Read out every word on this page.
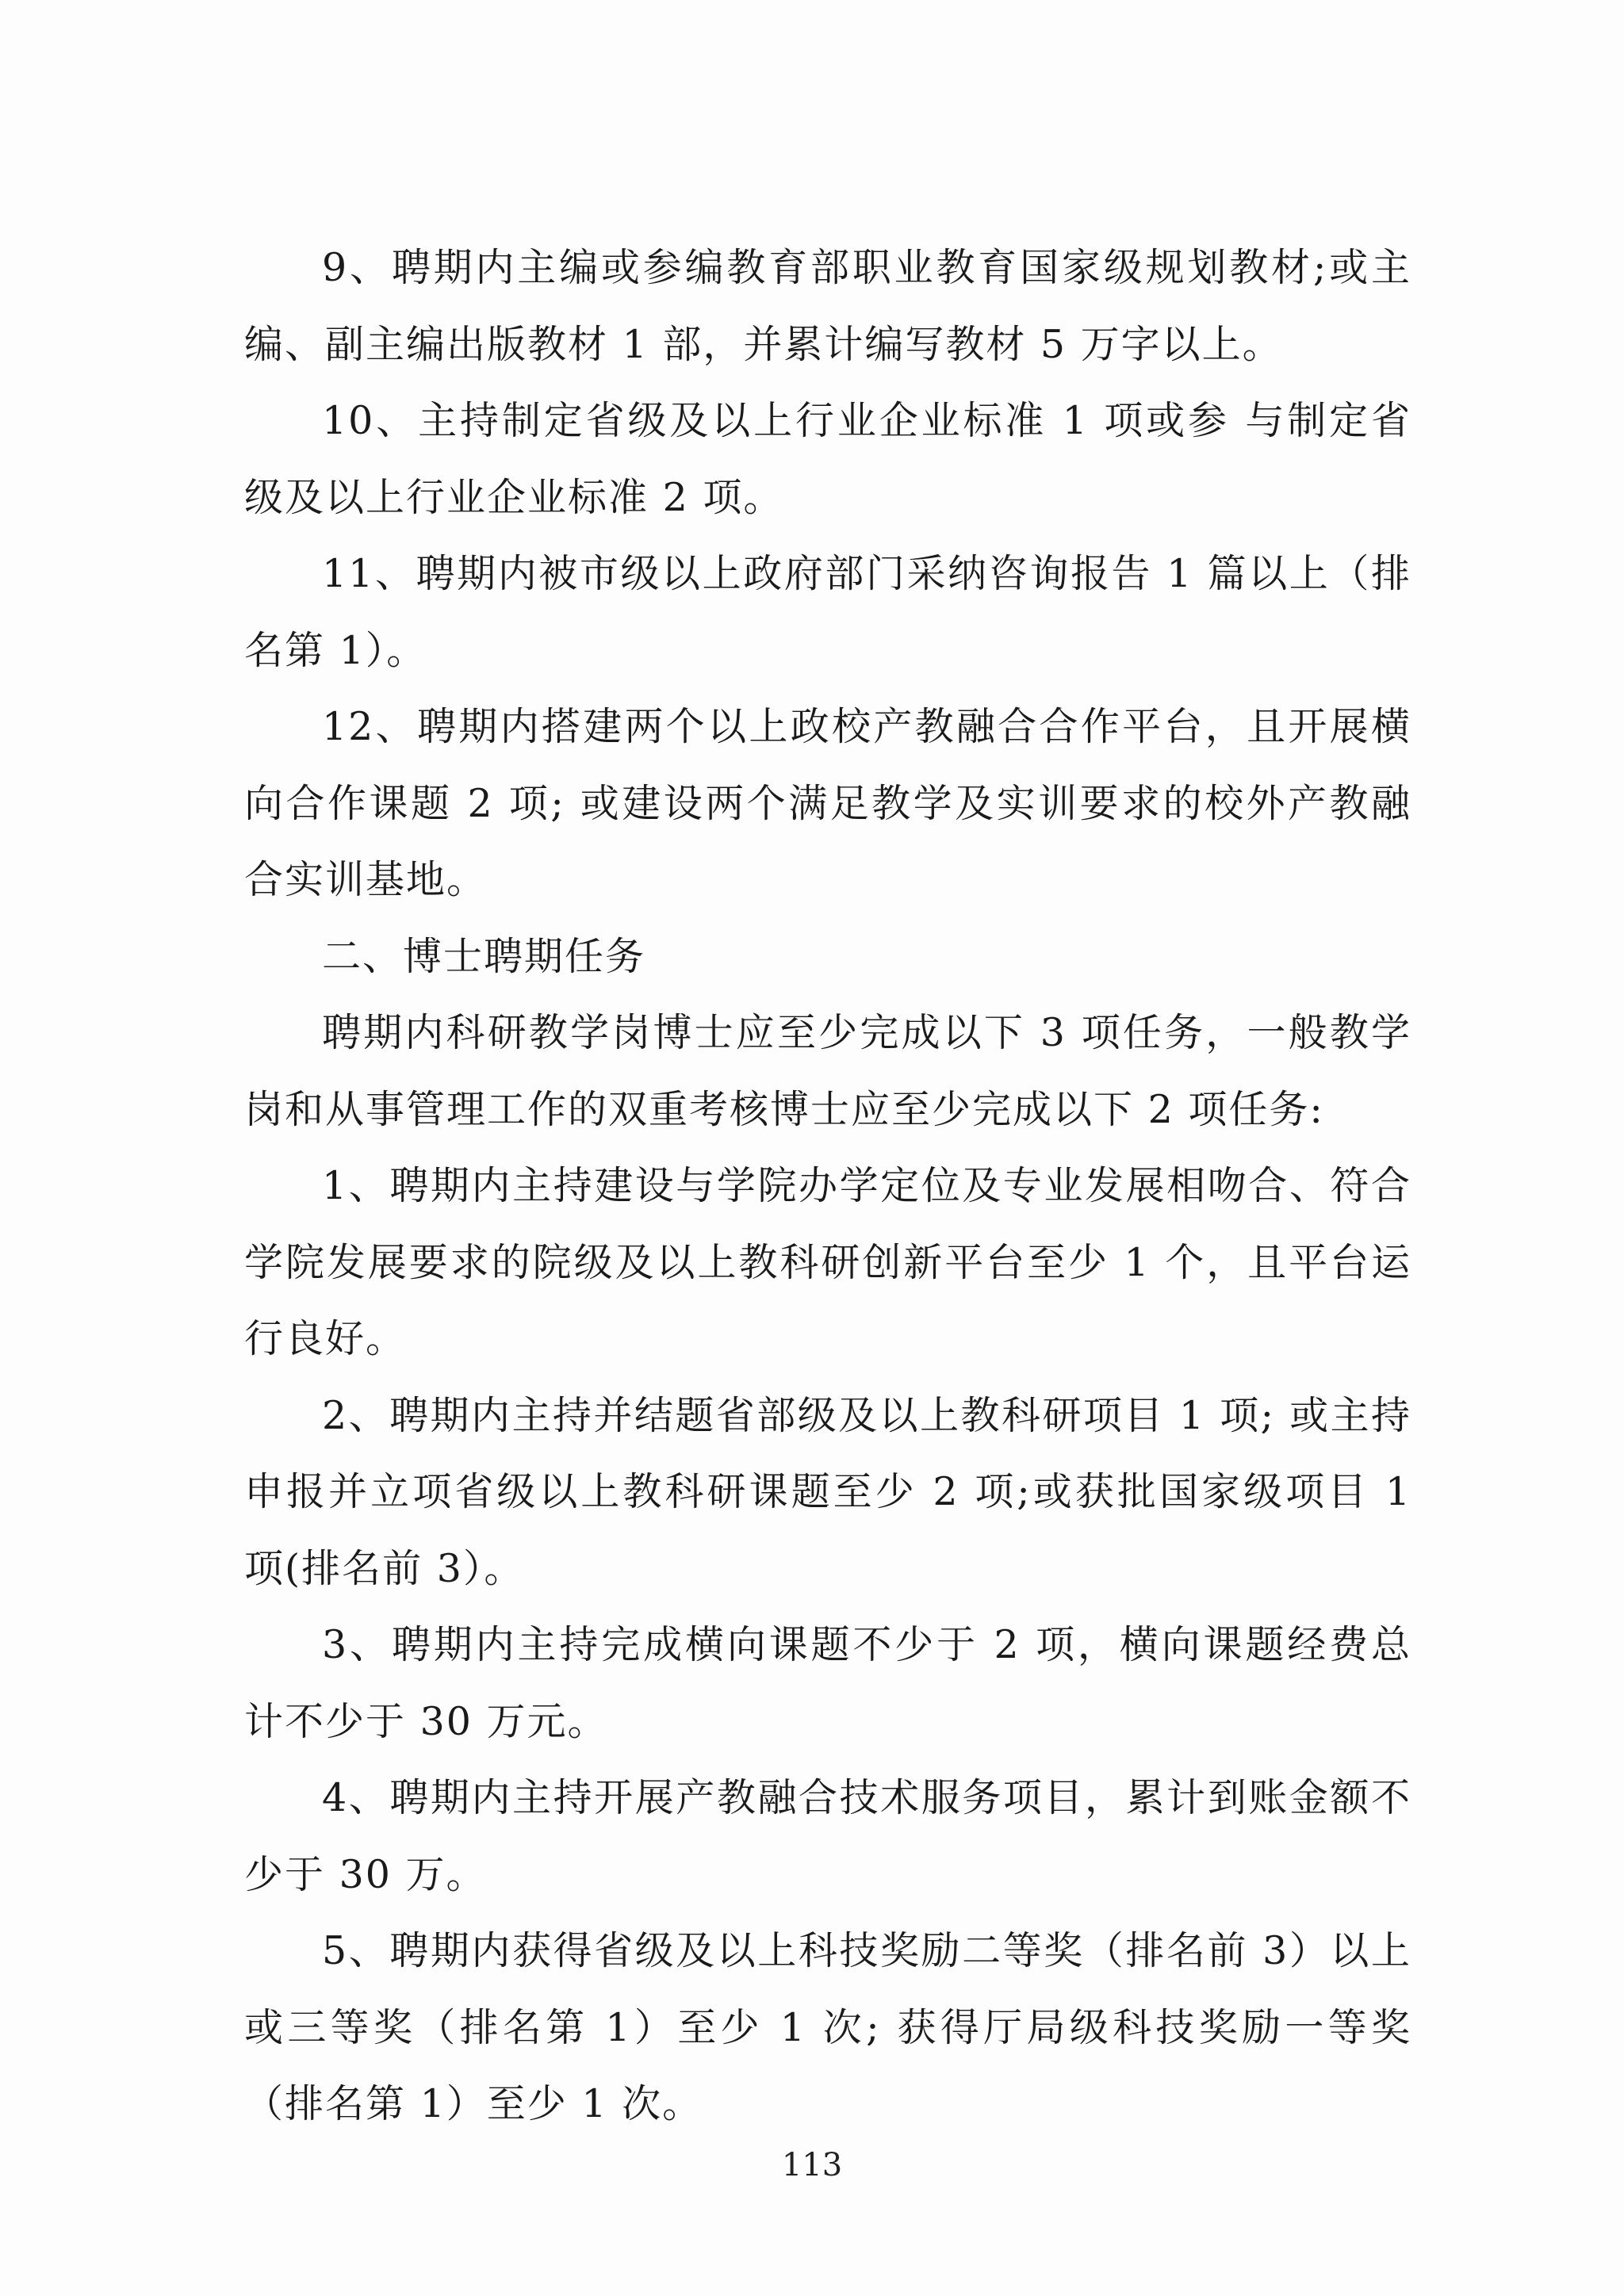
9、聘期内主编或参编教育部职业教育国家级规划教材;或主编、副主编出版教材 1 部，并累计编写教材 5 万字以上。

10、主持制定省级及以上行业企业标准 1 项或参 与制定省级及以上行业企业标准 2 项。

11、聘期内被市级以上政府部门采纳咨询报告 1 篇以上（排名第 1）。

12、聘期内搭建两个以上政校产教融合合作平台，且开展横向合作课题 2 项; 或建设两个满足教学及实训要求的校外产教融合实训基地。

二、博士聘期任务

聘期内科研教学岗博士应至少完成以下 3 项任务，一般教学岗和从事管理工作的双重考核博士应至少完成以下 2 项任务:

1、聘期内主持建设与学院办学定位及专业发展相吻合、符合学院发展要求的院级及以上教科研创新平台至少 1 个，且平台运行良好。

2、聘期内主持并结题省部级及以上教科研项目 1 项; 或主持申报并立项省级以上教科研课题至少 2 项;或获批国家级项目 1 项(排名前 3）。

3、聘期内主持完成横向课题不少于 2 项，横向课题经费总计不少于 30 万元。

4、聘期内主持开展产教融合技术服务项目，累计到账金额不少于 30 万。

5、聘期内获得省级及以上科技奖励二等奖（排名前 3）以上或三等奖（排名第 1）至少 1 次; 获得厅局级科技奖励一等奖（排名第 1）至少 1 次。

113
